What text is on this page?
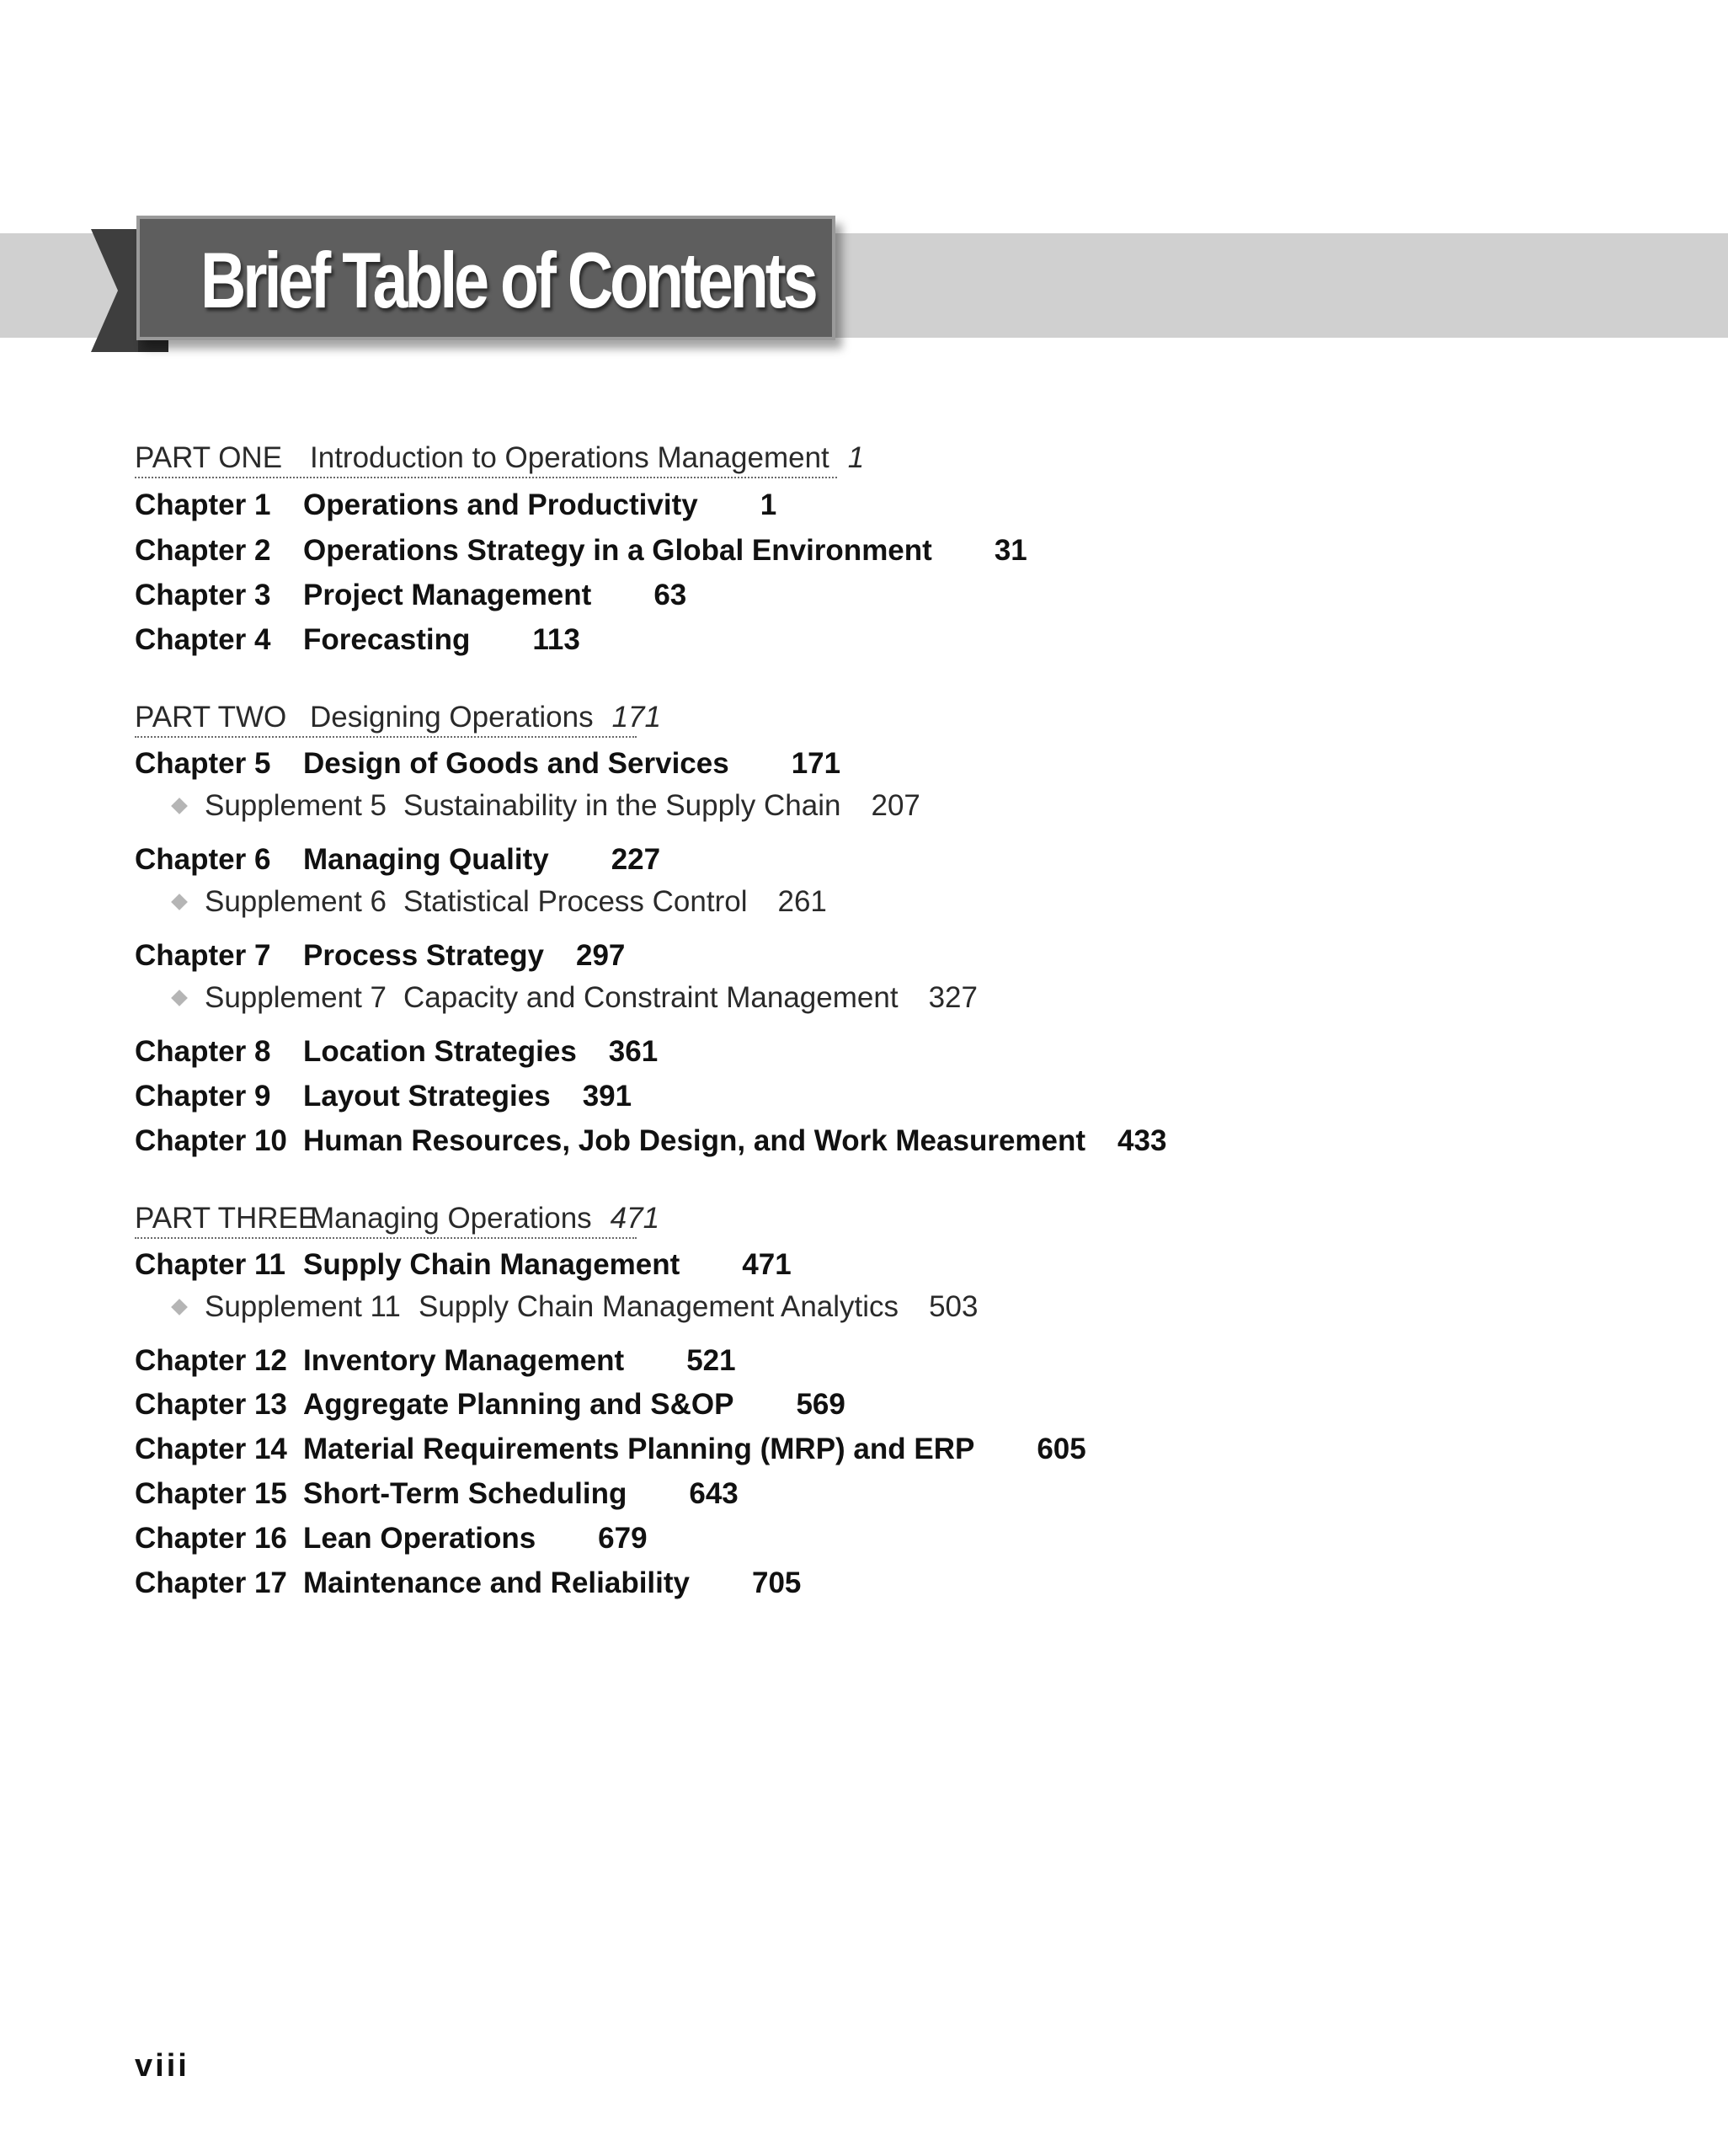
Brief Table of Contents
PART ONE Introduction to Operations Management 1
Chapter 1 Operations and Productivity 1
Chapter 2 Operations Strategy in a Global Environment 31
Chapter 3 Project Management 63
Chapter 4 Forecasting 113
PART TWO Designing Operations 171
Chapter 5 Design of Goods and Services 171
Supplement 5 Sustainability in the Supply Chain 207
Chapter 6 Managing Quality 227
Supplement 6 Statistical Process Control 261
Chapter 7 Process Strategy 297
Supplement 7 Capacity and Constraint Management 327
Chapter 8 Location Strategies 361
Chapter 9 Layout Strategies 391
Chapter 10 Human Resources, Job Design, and Work Measurement 433
PART THREE
Managing Operations 471
Chapter 11 Supply Chain Management 471
Supplement 11 Supply Chain Management Analytics 503
Chapter 12 Inventory Management 521
Chapter 13 Aggregate Planning and S&OP 569
Chapter 14 Material Requirements Planning (MRP) and ERP 605
Chapter 15 Short-Term Scheduling 643
Chapter 16 Lean Operations 679
Chapter 17 Maintenance and Reliability 705
viii
